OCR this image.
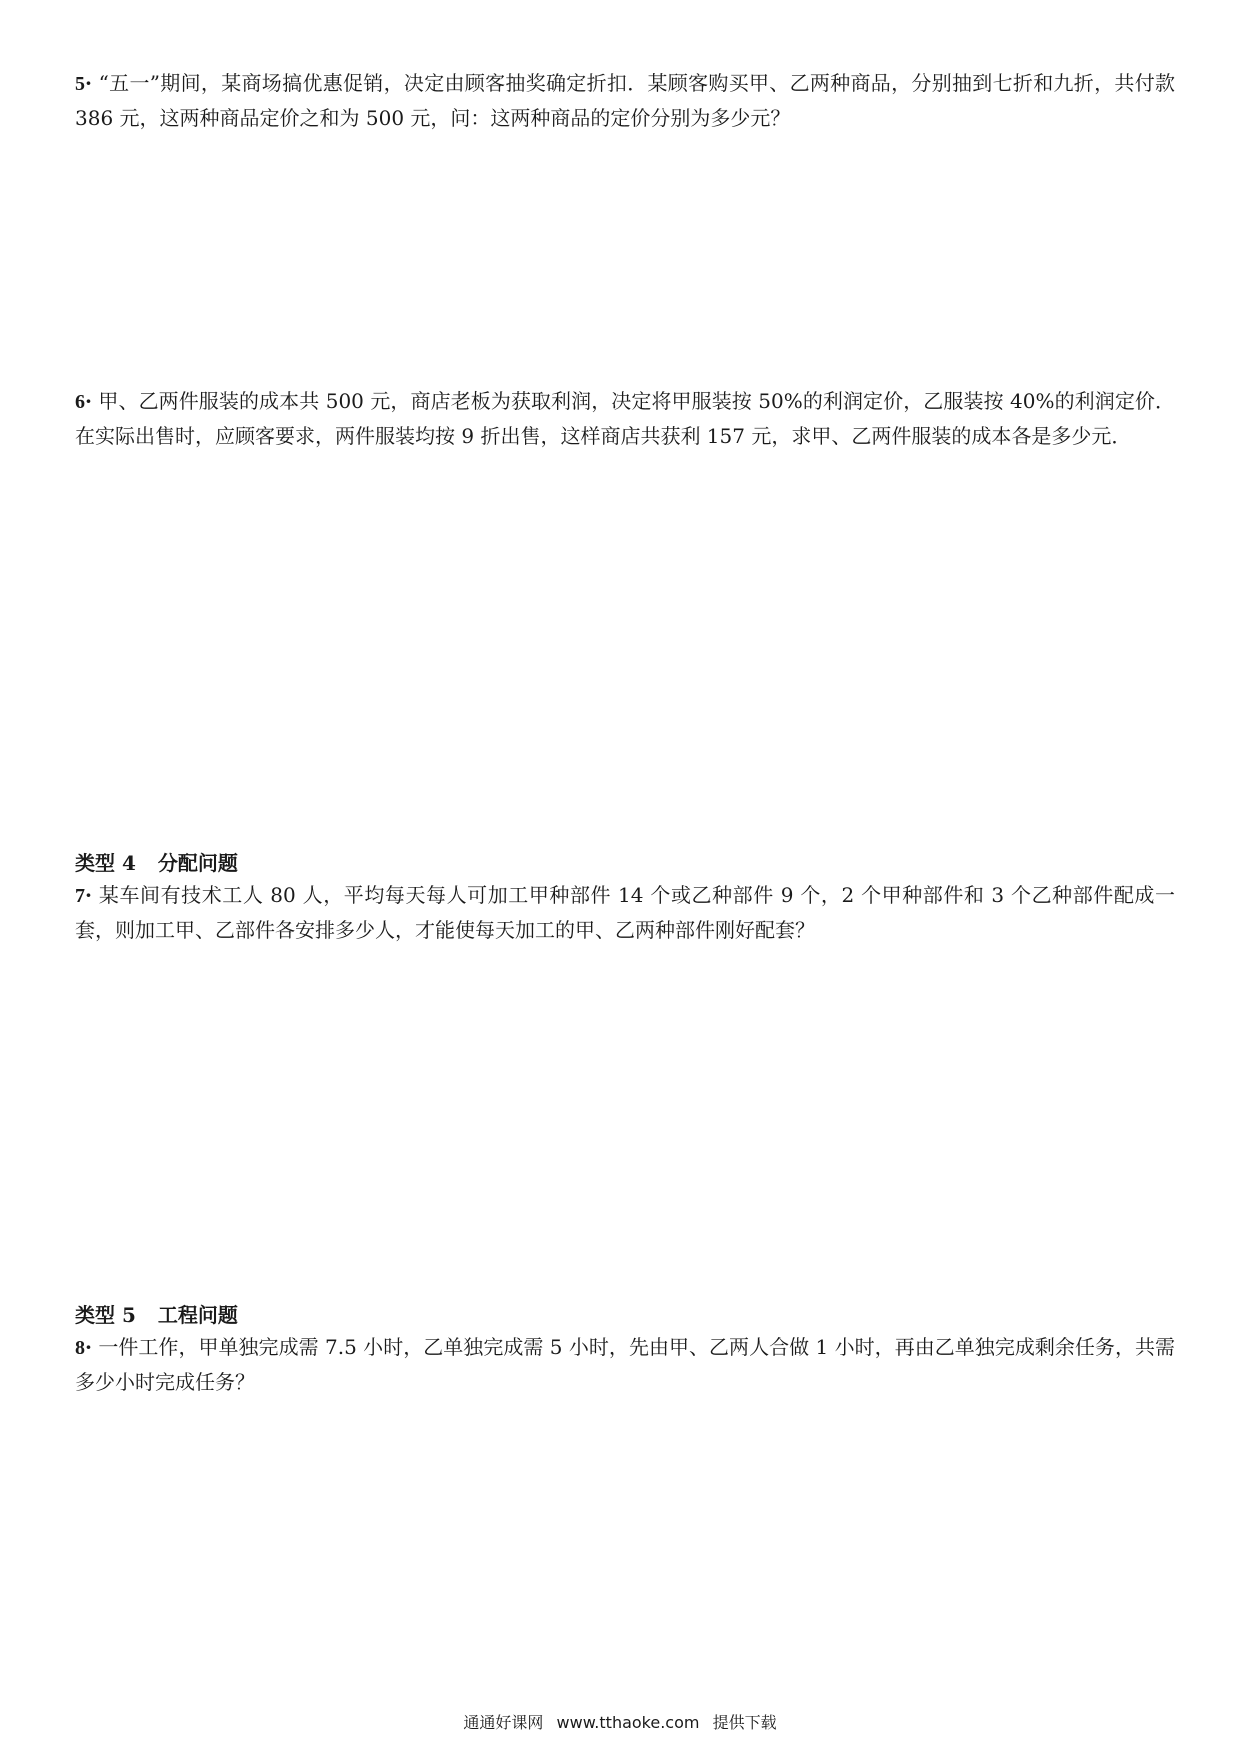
5· “五一”期间，某商场搞优惠促销，决定由顾客抽奖确定折扣．某顾客购买甲、乙两种商品，分别抽到七折和九折，共付款 386 元，这两种商品定价之和为 500 元，问：这两种商品的定价分别为多少元？

6· 甲、乙两件服装的成本共 500 元，商店老板为获取利润，决定将甲服装按 50%的利润定价，乙服装按 40%的利润定价．在实际出售时，应顾客要求，两件服装均按 9 折出售，这样商店共获利 157 元，求甲、乙两件服装的成本各是多少元．

类型 4 分配问题

7· 某车间有技术工人 80 人，平均每天每人可加工甲种部件 14 个或乙种部件 9 个，2 个甲种部件和 3 个乙种部件配成一套，则加工甲、乙部件各安排多少人，才能使每天加工的甲、乙两种部件刚好配套？

类型 5 工程问题

8· 一件工作，甲单独完成需 7.5 小时，乙单独完成需 5 小时，先由甲、乙两人合做 1 小时，再由乙单独完成剩余任务，共需多少小时完成任务？

通通好课网 www.tthaoke.com 提供下载
